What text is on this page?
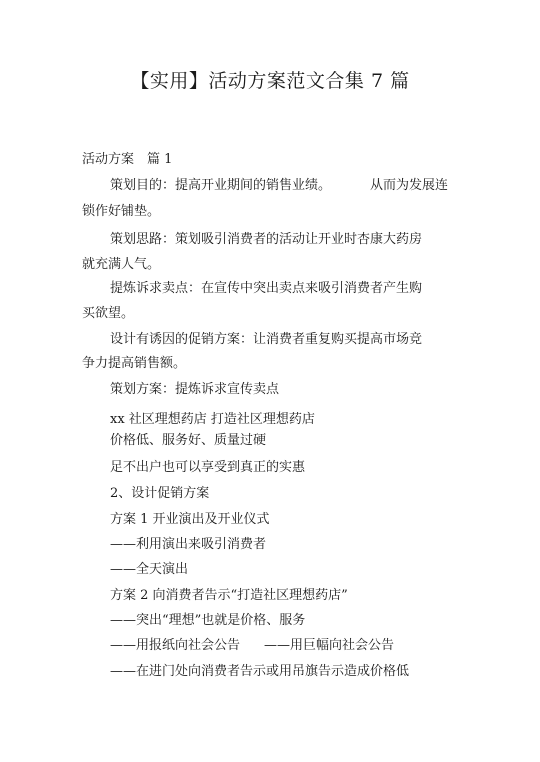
【实用】活动方案范文合集 7 篇
活动方案　篇 1
策划目的：提高开业期间的销售业绩。	从而为发展连
锁作好铺垫。
策划思路：策划吸引消费者的活动让开业时杏康大药房
就充满人气。
提炼诉求卖点：在宣传中突出卖点来吸引消费者产生购
买欲望。
设计有诱因的促销方案：让消费者重复购买提高市场竞
争力提高销售额。
策划方案：提炼诉求宣传卖点
xx 社区理想药店 打造社区理想药店
价格低、服务好、质量过硬
足不出户也可以享受到真正的实惠
2、设计促销方案
方案 1 开业演出及开业仪式
——利用演出来吸引消费者
——全天演出
方案 2 向消费者告示“打造社区理想药店”
——突出“理想”也就是价格、服务
——用报纸向社会公告 ——用巨幅向社会公告
——在进门处向消费者告示或用吊旗告示造成价格低
